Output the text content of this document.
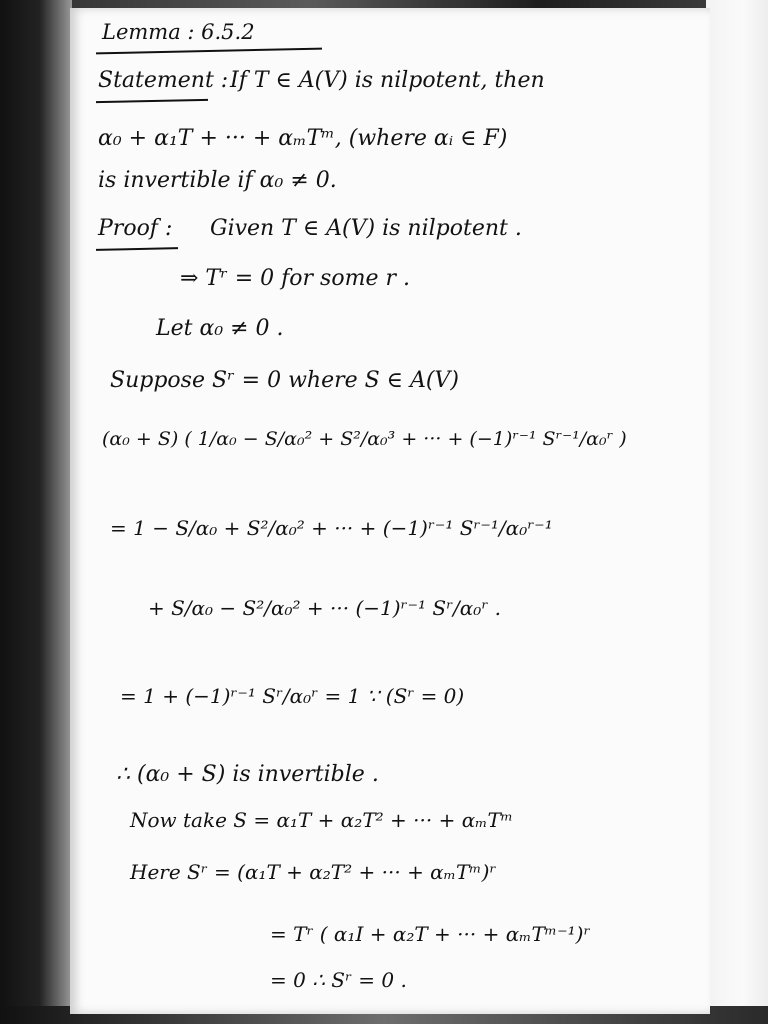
Lemma : 6.5.2
Statement : If T ∈ A(V) is nilpotent, then
α₀ + α₁T + ··· + αₘTᵐ, (where αᵢ ∈ F)
is invertible if α₀ ≠ 0.
Proof : Given T ∈ A(V) is nilpotent .
⇒ Tʳ = 0 for some r .
Let α₀ ≠ 0 .
Suppose Sʳ = 0 where S ∈ A(V)
(α₀ + S) ( 1/α₀ − S/α₀² + S²/α₀³ + ··· + (−1)ʳ⁻¹ Sʳ⁻¹/α₀ʳ )
= 1 − S/α₀ + S²/α₀² + ··· + (−1)ʳ⁻¹ Sʳ⁻¹/α₀ʳ⁻¹
+ S/α₀ − S²/α₀² + ··· (−1)ʳ⁻¹ Sʳ/α₀ʳ .
= 1 + (−1)ʳ⁻¹ Sʳ/α₀ʳ = 1 ∵ (Sʳ = 0)
∴ (α₀ + S) is invertible .
Now take S = α₁T + α₂T² + ··· + αₘTᵐ
Here Sʳ = (α₁T + α₂T² + ··· + αₘTᵐ)ʳ
= Tʳ ( α₁I + α₂T + ··· + αₘTᵐ⁻¹)ʳ
= 0 ∴ Sʳ = 0 .
